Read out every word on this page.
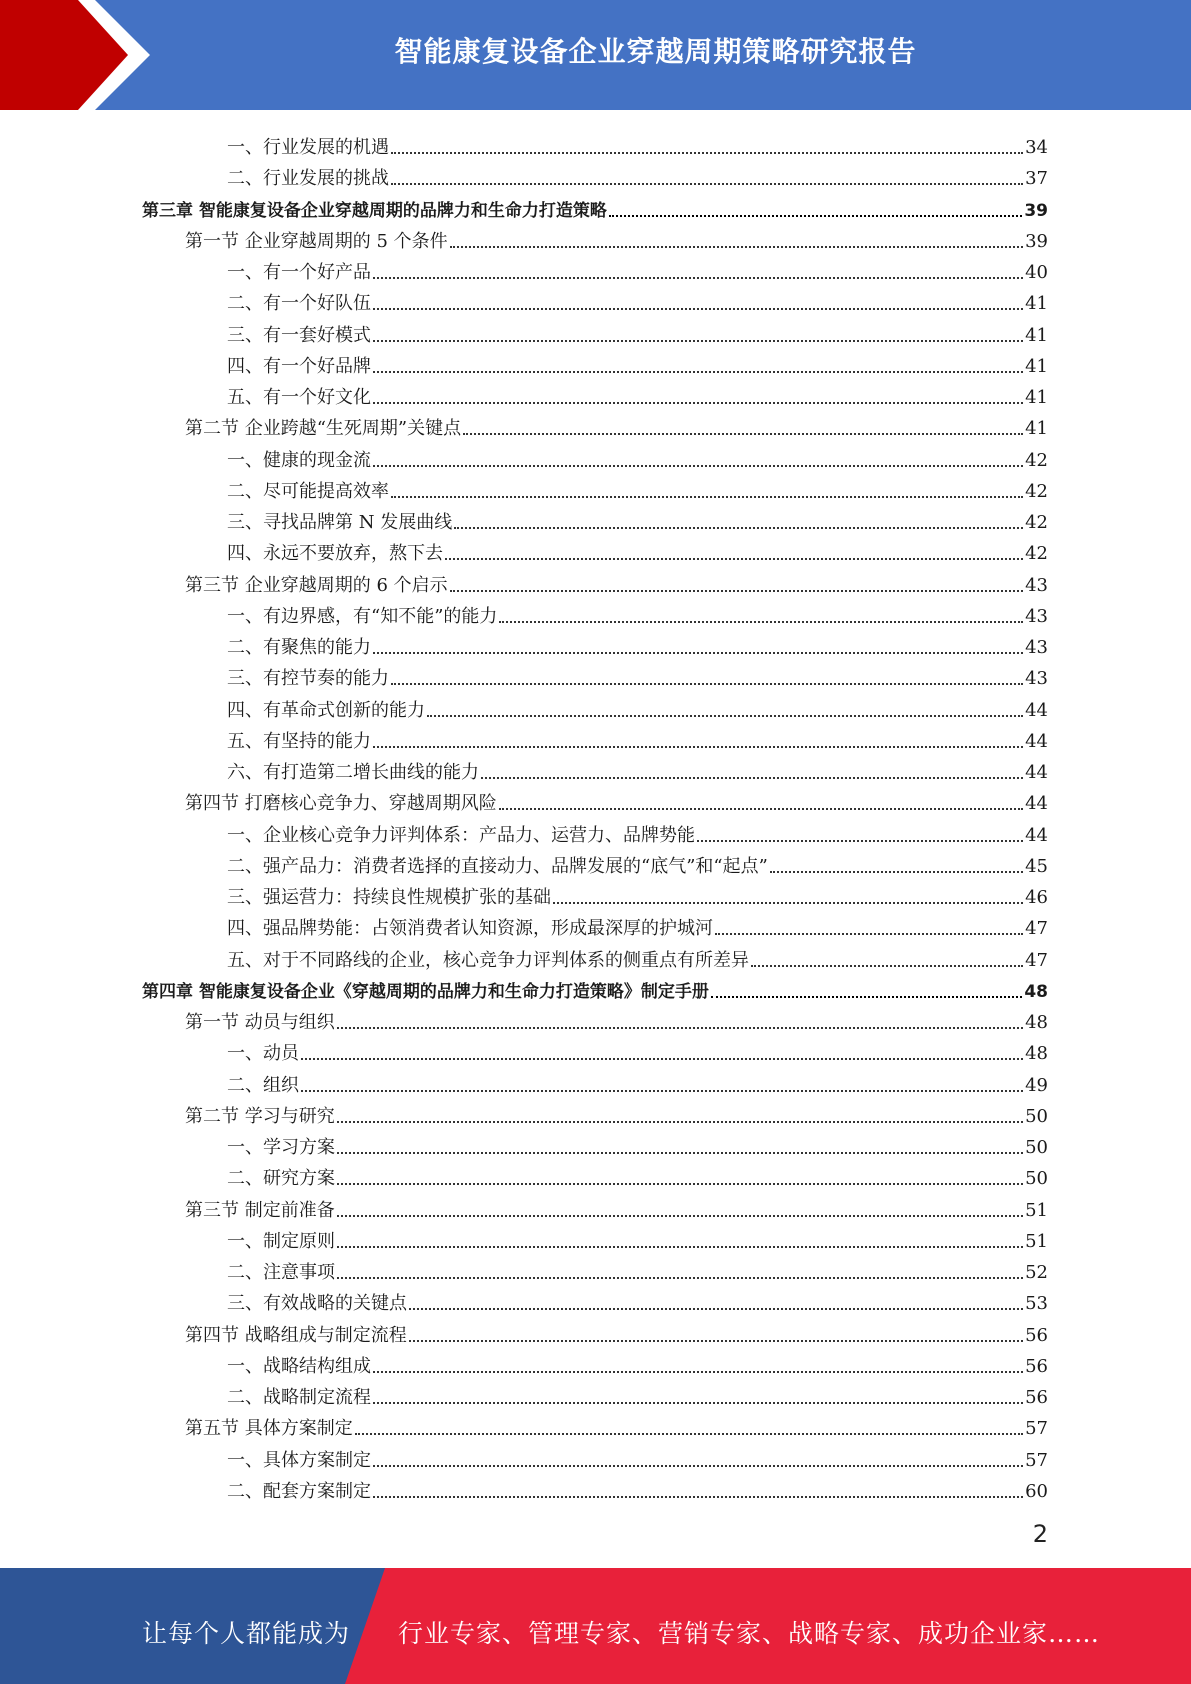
智能康复设备企业穿越周期策略研究报告
一、行业发展的机遇	34
二、行业发展的挑战	37
第三章 智能康复设备企业穿越周期的品牌力和生命力打造策略	39
第一节 企业穿越周期的 5 个条件	39
一、有一个好产品	40
二、有一个好队伍	41
三、有一套好模式	41
四、有一个好品牌	41
五、有一个好文化	41
第二节 企业跨越“生死周期”关键点	41
一、健康的现金流	42
二、尽可能提高效率	42
三、寻找品牌第 N 发展曲线	42
四、永远不要放弃，熬下去	42
第三节 企业穿越周期的 6 个启示	43
一、有边界感，有“知不能”的能力	43
二、有聚焦的能力	43
三、有控节奏的能力	43
四、有革命式创新的能力	44
五、有坚持的能力	44
六、有打造第二增长曲线的能力	44
第四节 打磨核心竞争力、穿越周期风险	44
一、企业核心竞争力评判体系：产品力、运营力、品牌势能	44
二、强产品力：消费者选择的直接动力、品牌发展的“底气”和“起点”	45
三、强运营力：持续良性规模扩张的基础	46
四、强品牌势能：占领消费者认知资源，形成最深厚的护城河	47
五、对于不同路线的企业，核心竞争力评判体系的侧重点有所差异	47
第四章 智能康复设备企业《穿越周期的品牌力和生命力打造策略》制定手册	48
第一节 动员与组织	48
一、动员	48
二、组织	49
第二节 学习与研究	50
一、学习方案	50
二、研究方案	50
第三节 制定前准备	51
一、制定原则	51
二、注意事项	52
三、有效战略的关键点	53
第四节 战略组成与制定流程	56
一、战略结构组成	56
二、战略制定流程	56
第五节 具体方案制定	57
一、具体方案制定	57
二、配套方案制定	60
2
让每个人都能成为 行业专家、管理专家、营销专家、战略专家、成功企业家……
